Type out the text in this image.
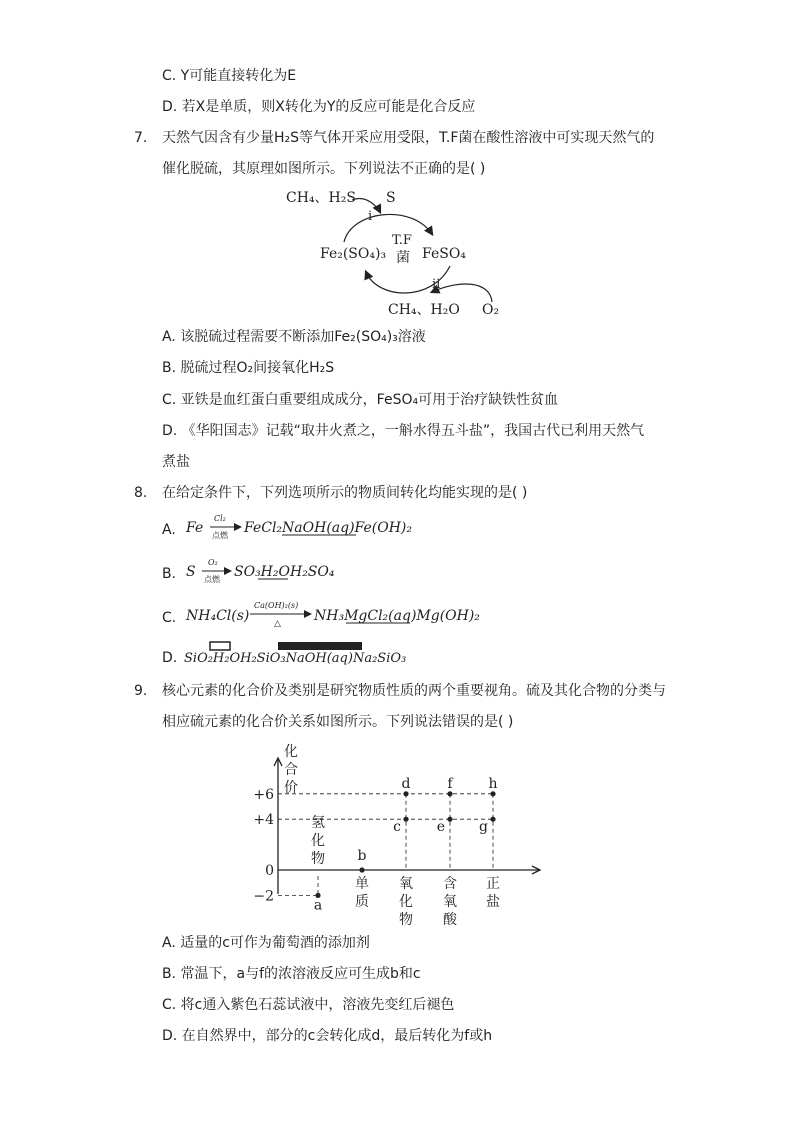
C. Y可能直接转化为E
D. 若X是单质，则X转化为Y的反应可能是化合反应
7. 天然气因含有少量H₂S等气体开采应用受限，T.F菌在酸性溶液中可实现天然气的
催化脱硫，其原理如图所示。下列说法不正确的是( )
CH₄、H₂S S
i
Fe₂(SO₄)₃
T.F
菌 FeSO₄
ii
CH₄、H₂O O₂
A. 该脱硫过程需要不断添加Fe₂(SO₄)₃溶液
B. 脱硫过程O₂间接氧化H₂S
C. 亚铁是血红蛋白重要组成成分，FeSO₄可用于治疗缺铁性贫血
D. 《华阳国志》记载“取井火煮之，一斛水得五斗盐”，我国古代已利用天然气
煮盐
8. 在给定条件下，下列选项所示的物质间转化均能实现的是( )
A. Fe
Cl₂
点燃 FeCl₂NaOH(aq)Fe(OH)₂
B. S
O₂
点燃 SO₃H₂OH₂SO₄
C. NH₄Cl(s)
Ca(OH)₂(s)
△ NH₃MgCl₂(aq)Mg(OH)₂
D. SiO₂H₂OH₂SiO₃NaOH(aq)Na₂SiO₃
9. 核心元素的化合价及类别是研究物质性质的两个重要视角。硫及其化合物的分类与
相应硫元素的化合价关系如图所示。下列说法错误的是( )
化
合
价
+6
+4
0
−2
氢
化
物
单
质
氧
化
物
含
氧
酸
正
盐
a
b
c
d
e
f
g
h
A. 适量的c可作为葡萄酒的添加剂
B. 常温下，a与f的浓溶液反应可生成b和c
C. 将c通入紫色石蕊试液中，溶液先变红后褪色
D. 在自然界中，部分的c会转化成d，最后转化为f或h
